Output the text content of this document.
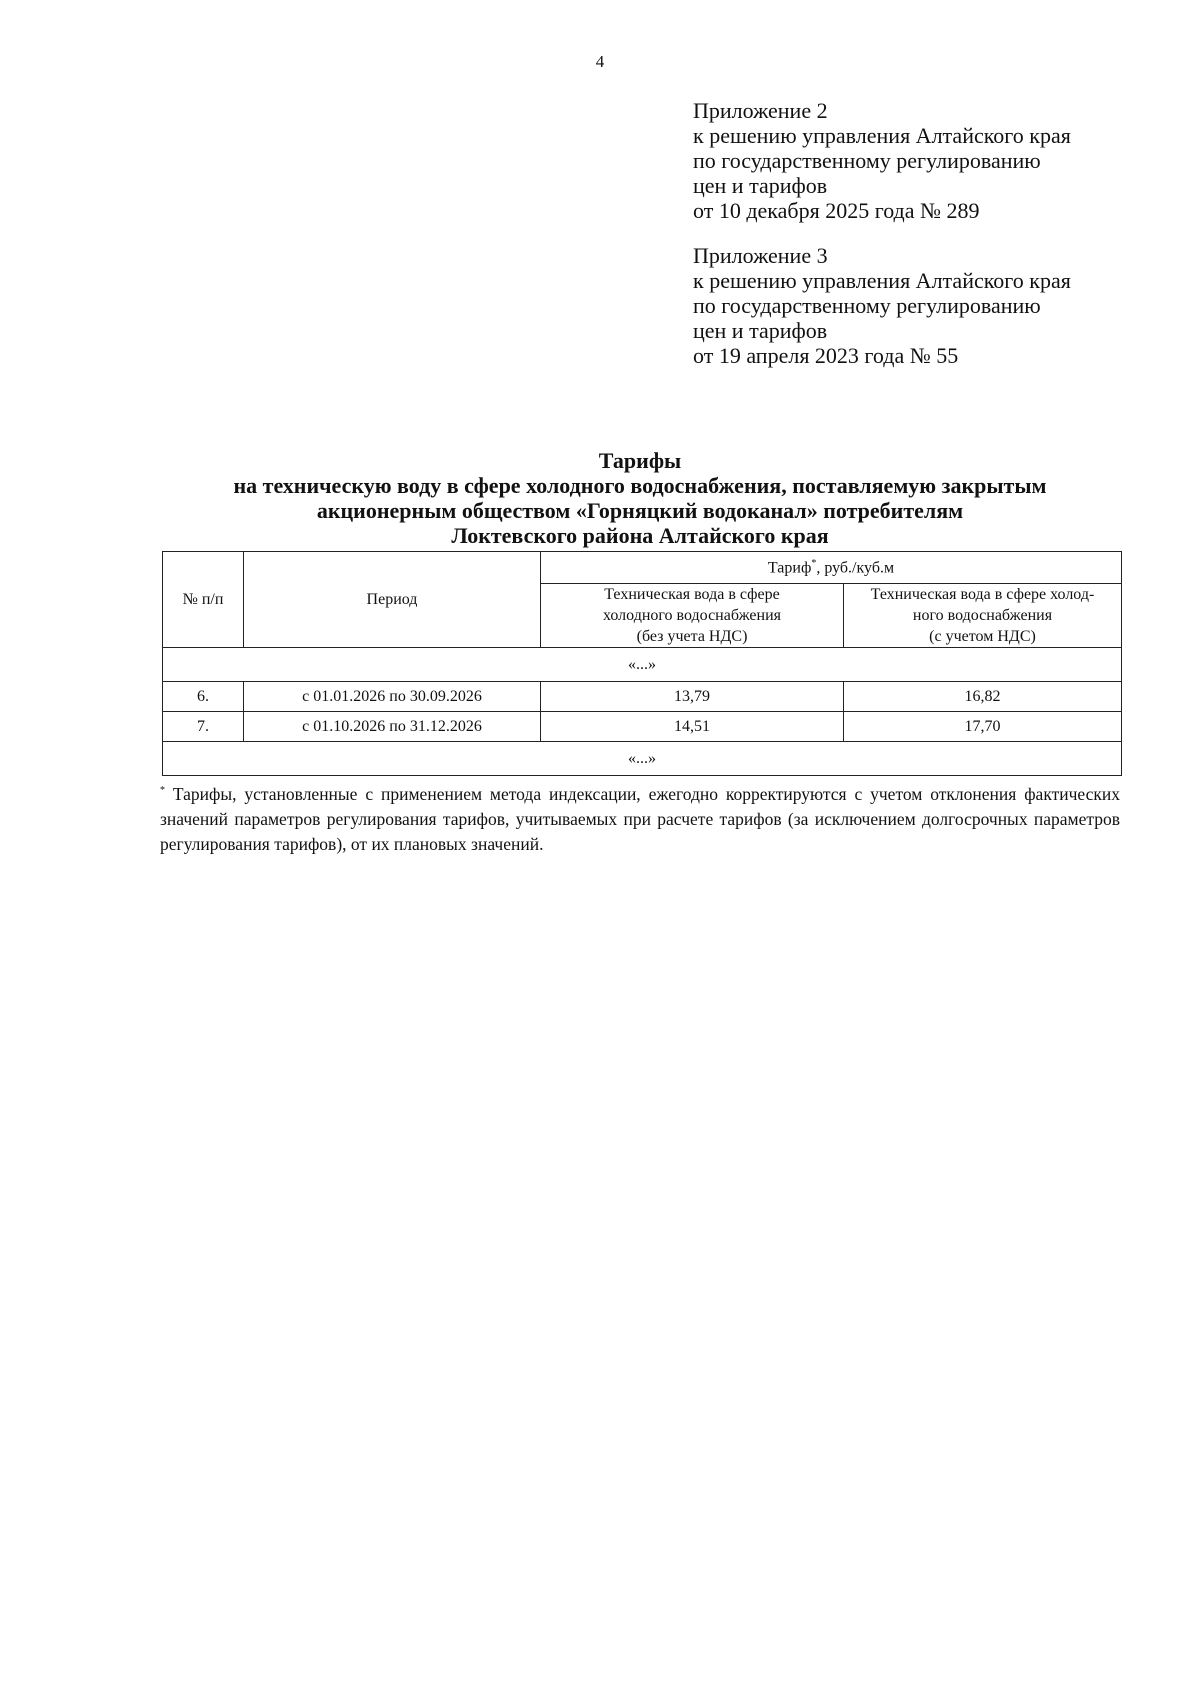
4
Приложение 2
к решению управления Алтайского края
по государственному регулированию
цен и тарифов
от 10 декабря 2025 года № 289
Приложение 3
к решению управления Алтайского края
по государственному регулированию
цен и тарифов
от 19 апреля 2023 года № 55
Тарифы
на техническую воду в сфере холодного водоснабжения, поставляемую закрытым
акционерным обществом «Горняцкий водоканал» потребителям
Локтевского района Алтайского края
№ п/п	Период	Тариф*, руб./куб.м	

		Техническая вода в сфере
холодного водоснабжения
(без учета НДС)	Техническая вода в сфере холод-
ного водоснабжения
(с учетом НДС)

«...»			
6.	с 01.01.2026 по 30.09.2026	13,79	16,82
7.	с 01.10.2026 по 31.12.2026	14,51	17,70
«...»			
* Тарифы, установленные с применением метода индексации, ежегодно корректируются с учетом отклонения фактических значений параметров регулирования тарифов, учитываемых при расчете тарифов (за исключением долгосрочных параметров регулирования тарифов), от их плановых значений.
